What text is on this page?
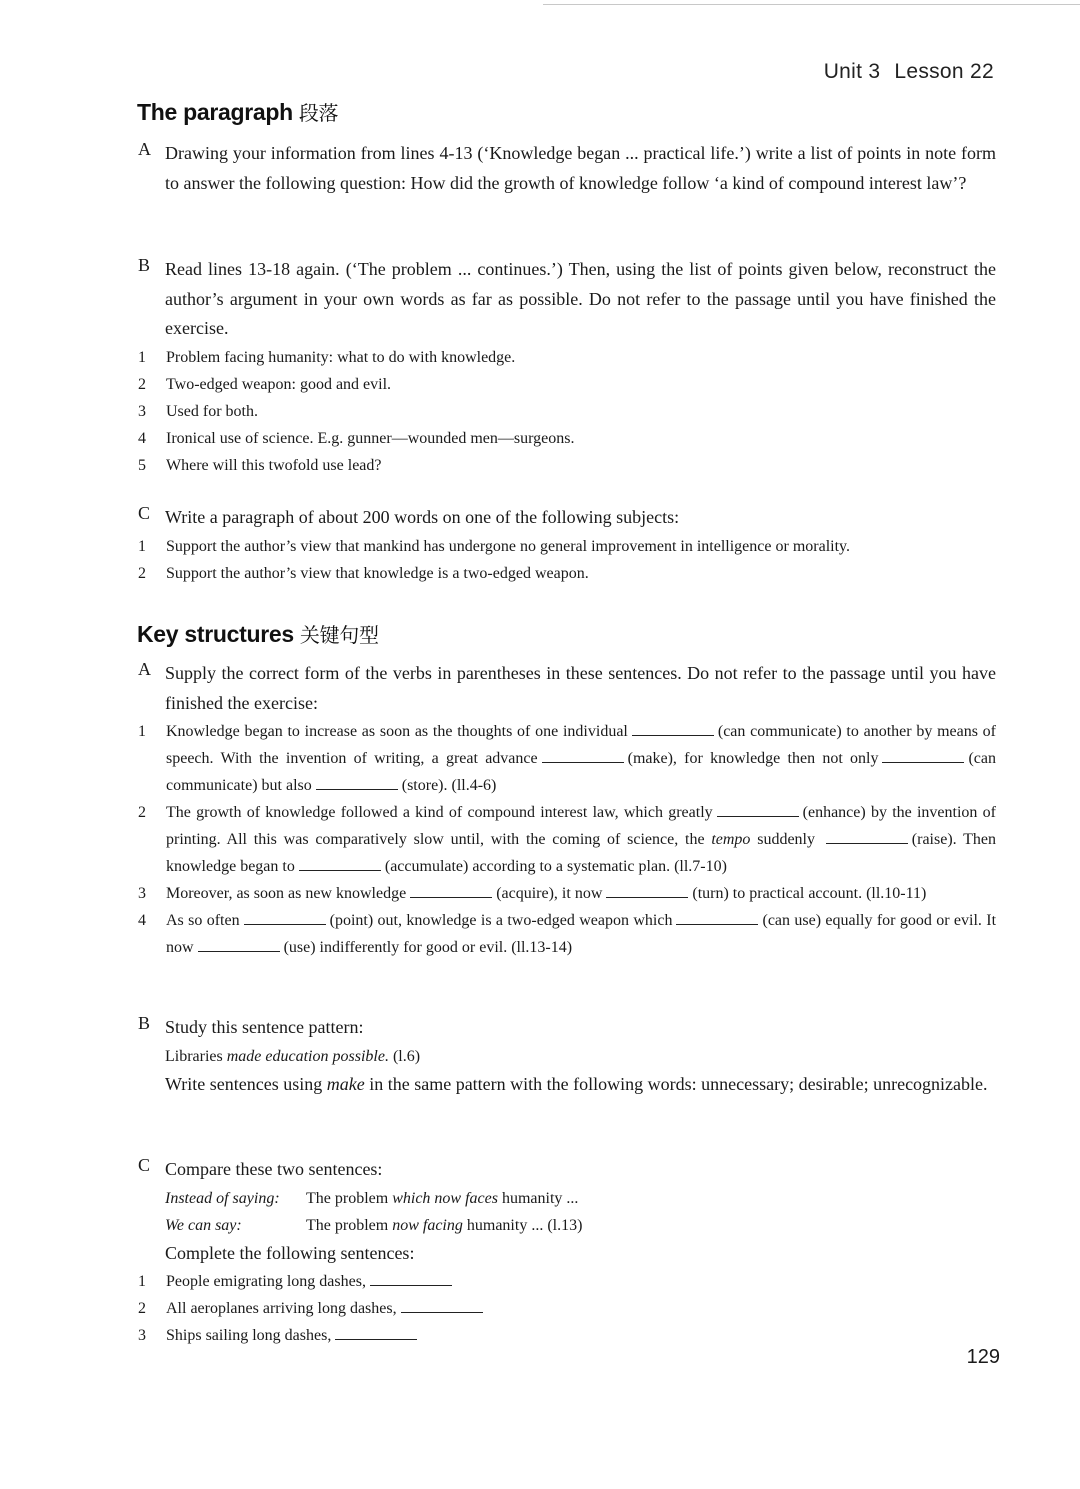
Unit 3 Lesson 22
The paragraph 段落
A Drawing your information from lines 4-13 (‘Knowledge began ... practical life.’) write a list of points in note form to answer the following question: How did the growth of knowledge follow ‘a kind of compound interest law’?
B Read lines 13-18 again. (‘The problem ... continues.’) Then, using the list of points given below, reconstruct the author’s argument in your own words as far as possible. Do not refer to the passage until you have finished the exercise.
1	Problem facing humanity: what to do with knowledge.
2	Two-edged weapon: good and evil.
3	Used for both.
4	Ironical use of science. E.g. gunner—wounded men—surgeons.
5	Where will this twofold use lead?
C Write a paragraph of about 200 words on one of the following subjects:
1	Support the author’s view that mankind has undergone no general improvement in intelligence or morality.
2	Support the author’s view that knowledge is a two-edged weapon.
Key structures 关键句型
A Supply the correct form of the verbs in parentheses in these sentences. Do not refer to the passage until you have finished the exercise:
1	Knowledge began to increase as soon as the thoughts of one individual	(can communicate) to another by means of speech. With the invention of writing, a great advance	(make), for knowledge then not only	(can communicate) but also	(store). (ll.4-6)
2	The growth of knowledge followed a kind of compound interest law, which greatly	(enhance) by the invention of printing. All this was comparatively slow until, with the coming of science, the tempo suddenly	(raise). Then knowledge began to	(accumulate) according to a systematic plan. (ll.7-10)
3	Moreover, as soon as new knowledge	(acquire), it now	(turn) to practical account. (ll.10-11)
4	As so often	(point) out, knowledge is a two-edged weapon which	(can use) equally for good or evil. It now	(use) indifferently for good or evil. (ll.13-14)
B Study this sentence pattern:
Libraries made education possible. (l.6)
Write sentences using make in the same pattern with the following words: unnecessary; desirable; unrecognizable.
C Compare these two sentences:
Instead of saying:	The problem which now faces humanity ...
We can say:	The problem now facing humanity ... (l.13)
Complete the following sentences:
1	People emigrating long dashes,
2	All aeroplanes arriving long dashes,
3	Ships sailing long dashes,
129
